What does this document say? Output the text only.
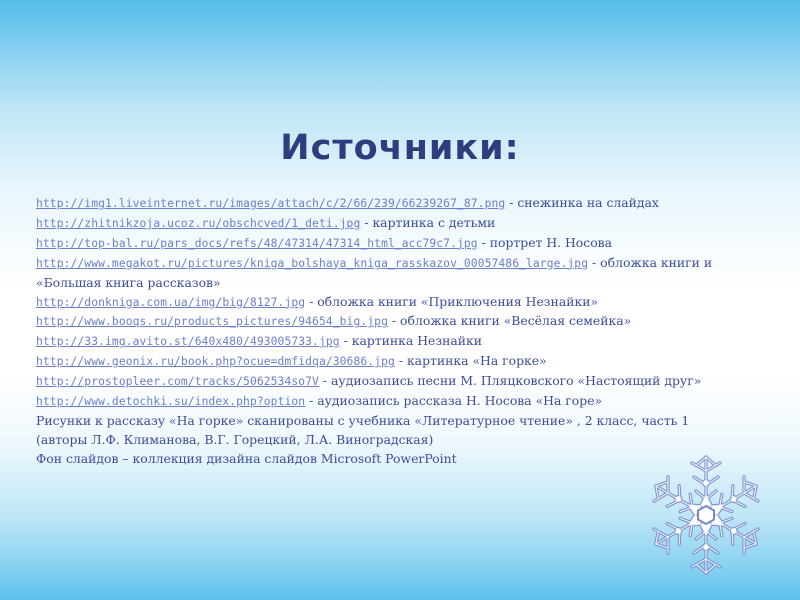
Источники:
http://img1.liveinternet.ru/images/attach/c/2/66/239/66239267_87.png - снежинка на слайдах
http://zhitnikzoja.ucoz.ru/obschcved/1_deti.jpg - картинка с детьми
http://top-bal.ru/pars_docs/refs/48/47314/47314_html_acc79c7.jpg - портрет Н. Носова
http://www.megakot.ru/pictures/kniga_bolshaya_kniga_rasskazov_00057486_large.jpg - обложка книги и «Большая книга рассказов»
http://donkniga.com.ua/img/big/8127.jpg - обложка книги «Приключения Незнайки»
http://www.booqs.ru/products_pictures/94654_big.jpg - обложка книги «Весёлая семейка»
http://33.img.avito.st/640x480/493005733.jpg - картинка Незнайки
http://www.geonix.ru/book.php?ocue=dmfidqa/30686.jpg - картинка «На горке»
http://prostopleer.com/tracks/5062534so7V - аудиозапись песни М. Пляцковского «Настоящий друг»
http://www.detochki.su/index.php?option - аудиозапись рассказа Н. Носова «На горе»
Рисунки к рассказу «На горке» сканированы с учебника «Литературное чтение» , 2 класс, часть 1
(авторы Л.Ф. Климанова, В.Г. Горецкий, Л.А. Виноградская)
Фон слайдов – коллекция дизайна слайдов Microsoft PowerPoint
